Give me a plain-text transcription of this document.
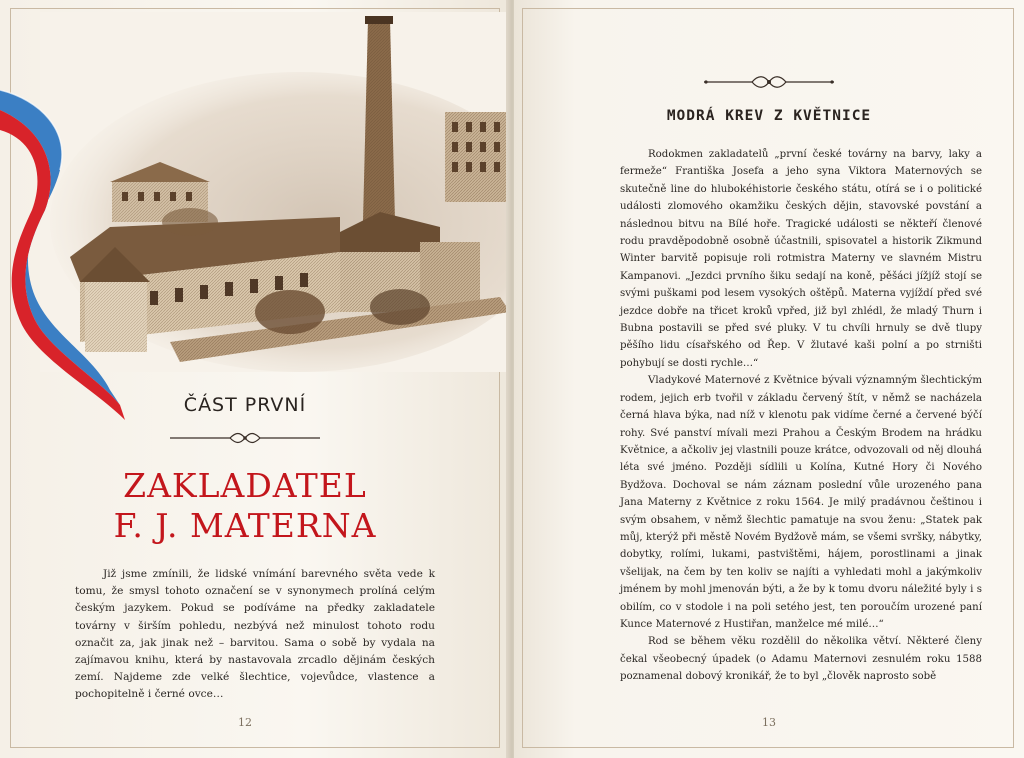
ČÁST PRVNÍ
ZAKLADATEL
F. J. MATERNA

Již jsme zmínili, že lidské vnímání barevného světa vede k tomu, že smysl tohoto označení se v synonymech prolíná celým českým jazykem. Pokud se podíváme na předky zakladatele továrny v širším pohledu, nezbývá než minulost tohoto rodu označit za, jak jinak než – barvitou. Sama o sobě by vydala na zajímavou knihu, která by nastavovala zrcadlo dějinám českých zemí. Najdeme zde velké šlechtice, vojevůdce, vlastence a pochopitelně i černé ovce…

12
MODRÁ KREV Z KVĚTNICE

Rodokmen zakladatelů „první české továrny na barvy, laky a fermeže“ Františka Josefa a jeho syna Viktora Maternových se skutečně line do hlubokéhistorie českého státu, otírá se i o politické události zlomového okamžiku českých dějin, stavovské povstání a následnou bitvu na Bílé hoře. Tragické události se někteří členové rodu pravděpodobně osobně účastnili, spisovatel a historik Zikmund Winter barvitě popisuje roli rotmistra Materny ve slavném Mistru Kampanovi. „Jezdci prvního šiku sedají na koně, pěšáci jížjíž stojí se svými puškami pod lesem vysokých oštěpů. Materna vyjíždí před své jezdce dobře na třicet kroků vpřed, již byl zhlédl, že mladý Thurn i Bubna postavili se před své pluky. V tu chvíli hrnuly se dvě tlupy pěšího lidu císařského od Řep. V žlutavé kaši polní a po strništi pohybují se dosti rychle…“

Vladykové Maternové z Květnice bývali významným šlechtickým rodem, jejich erb tvořil v základu červený štít, v němž se nacházela černá hlava býka, nad níž v klenotu pak vidíme černé a červené býčí rohy. Své panství mívali mezi Prahou a Českým Brodem na hrádku Květnice, a ačkoliv jej vlastnili pouze krátce, odvozovali od něj dlouhá léta své jméno. Později sídlili u Kolína, Kutné Hory či Nového Bydžova. Dochoval se nám záznam poslední vůle urozeného pana Jana Materny z Květnice z roku 1564. Je milý pradávnou češtinou i svým obsahem, v němž šlechtic pamatuje na svou ženu: „Statek pak můj, kterýž při městě Novém Bydžově mám, se všemi svršky, nábytky, dobytky, rolími, lukami, pastvištěmi, hájem, porostlinami a jinak všelijak, na čem by ten koliv se najíti a vyhledati mohl a jakýmkoliv jménem by mohl jmenován býti, a že by k tomu dvoru náležité byly i s obilím, co v stodole i na poli setého jest, ten poroučím urozené paní Kunce Maternové z Hustiřan, manželce mé milé…“

Rod se během věku rozdělil do několika větví. Některé členy čekal všeobecný úpadek (o Adamu Maternovi zesnulém roku 1588 poznamenal dobový kronikář, že to byl „člověk naprosto sobě

13
